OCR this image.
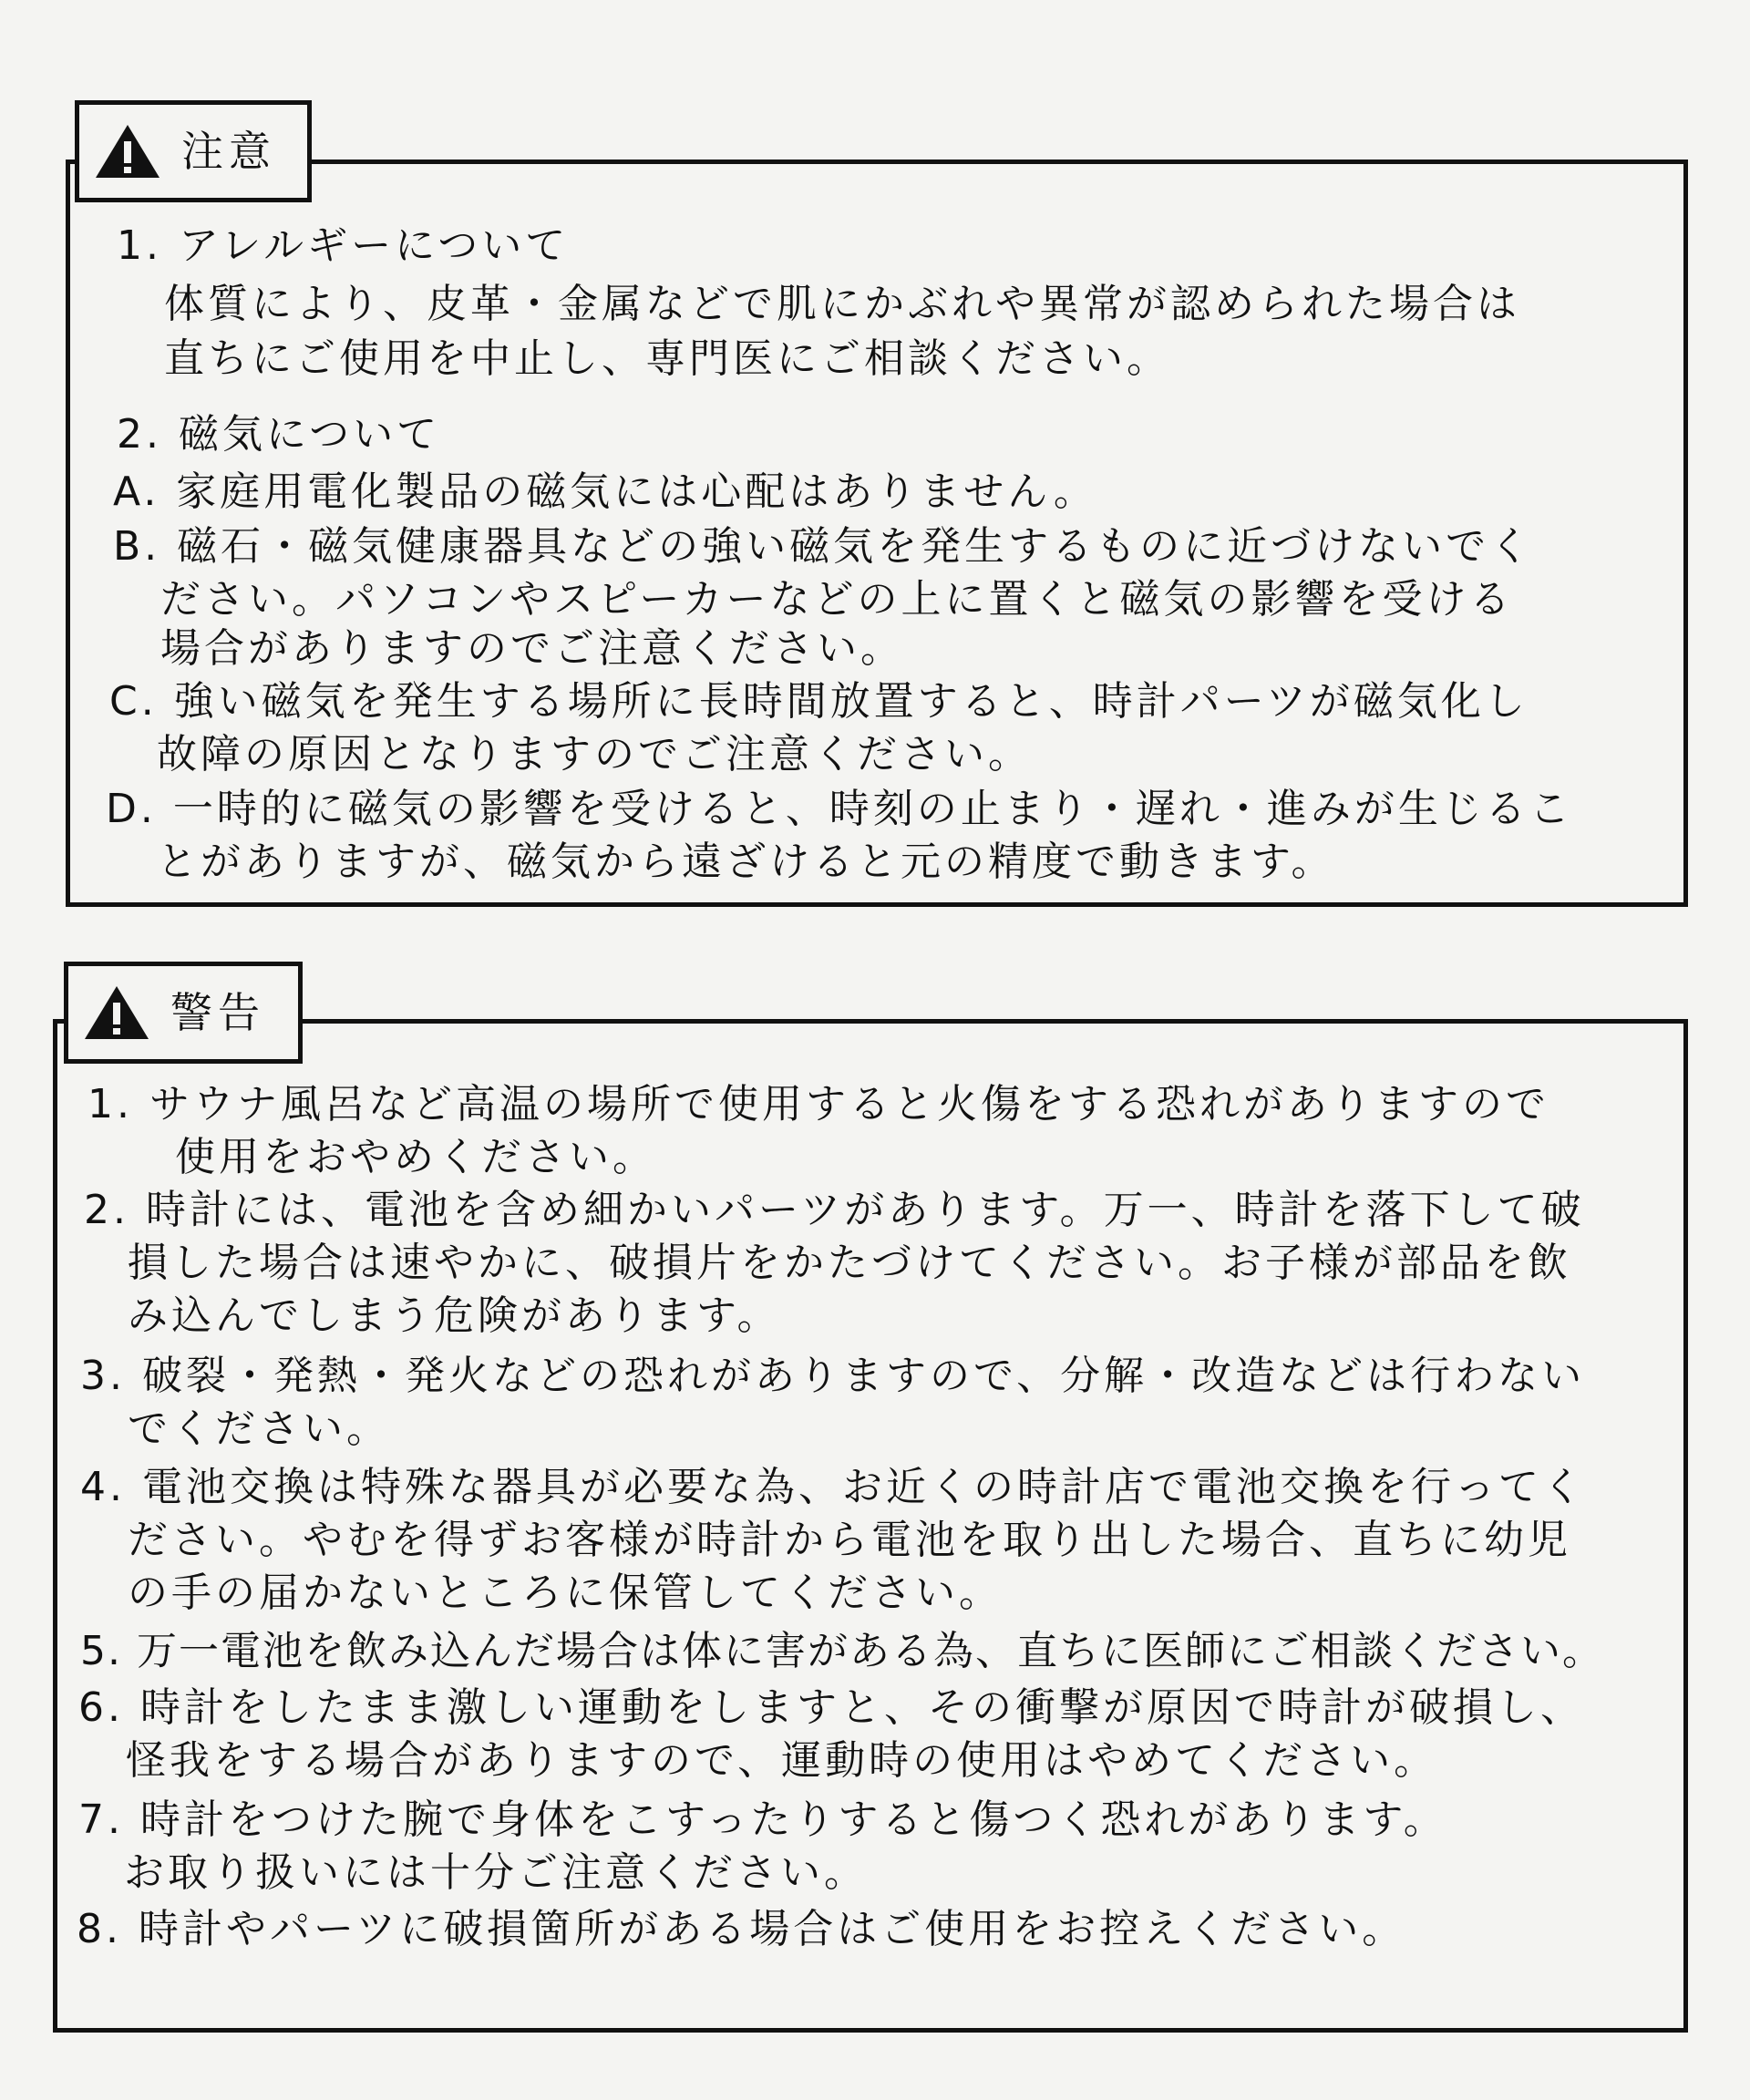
注意
1. アレルギーについて
体質により、皮革・金属などで肌にかぶれや異常が認められた場合は
直ちにご使用を中止し、専門医にご相談ください。
2. 磁気について
A. 家庭用電化製品の磁気には心配はありません。
B. 磁石・磁気健康器具などの強い磁気を発生するものに近づけないでく
ださい。パソコンやスピーカーなどの上に置くと磁気の影響を受ける
場合がありますのでご注意ください。
C. 強い磁気を発生する場所に長時間放置すると、時計パーツが磁気化し
故障の原因となりますのでご注意ください。
D. 一時的に磁気の影響を受けると、時刻の止まり・遅れ・進みが生じるこ
とがありますが、磁気から遠ざけると元の精度で動きます。
警告
1. サウナ風呂など高温の場所で使用すると火傷をする恐れがありますので
使用をおやめください。
2. 時計には、電池を含め細かいパーツがあります。万一、時計を落下して破
損した場合は速やかに、破損片をかたづけてください。お子様が部品を飲
み込んでしまう危険があります。
3. 破裂・発熱・発火などの恐れがありますので、分解・改造などは行わない
でください。
4. 電池交換は特殊な器具が必要な為、お近くの時計店で電池交換を行ってく
ださい。やむを得ずお客様が時計から電池を取り出した場合、直ちに幼児
の手の届かないところに保管してください。
5. 万一電池を飲み込んだ場合は体に害がある為、直ちに医師にご相談ください。
6. 時計をしたまま激しい運動をしますと、その衝撃が原因で時計が破損し、
怪我をする場合がありますので、運動時の使用はやめてください。
7. 時計をつけた腕で身体をこすったりすると傷つく恐れがあります。
お取り扱いには十分ご注意ください。
8. 時計やパーツに破損箇所がある場合はご使用をお控えください。
